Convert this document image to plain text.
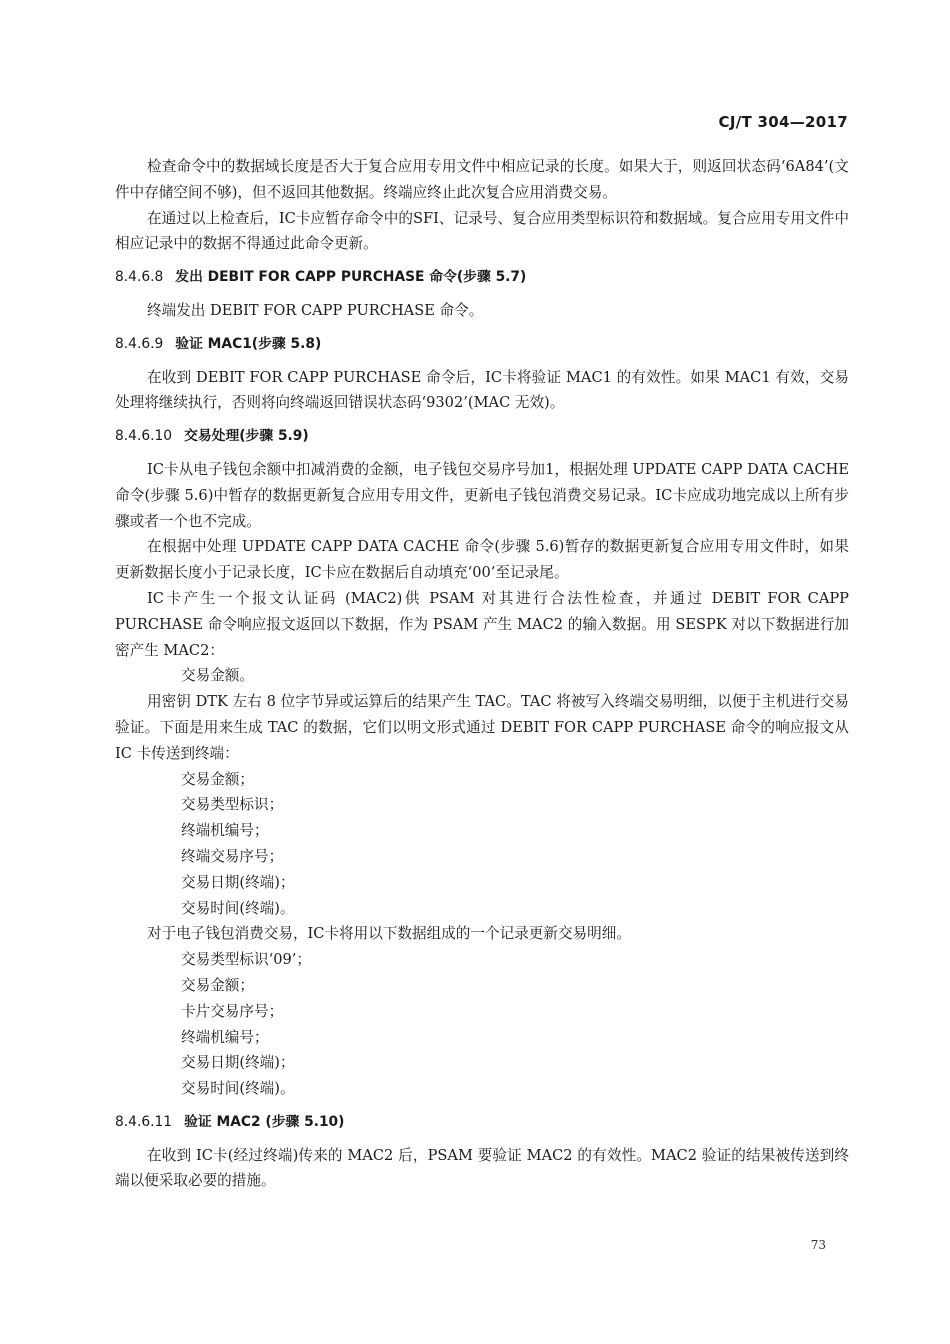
CJ/T 304—2017

检查命令中的数据域长度是否大于复合应用专用文件中相应记录的长度。如果大于，则返回状态码‘6A84’(文件中存储空间不够)，但不返回其他数据。终端应终止此次复合应用消费交易。

在通过以上检查后，IC卡应暂存命令中的SFI、记录号、复合应用类型标识符和数据域。复合应用专用文件中相应记录中的数据不得通过此命令更新。

8.4.6.8 发出 DEBIT FOR CAPP PURCHASE 命令(步骤 5.7)

终端发出 DEBIT FOR CAPP PURCHASE 命令。

8.4.6.9 验证 MAC1(步骤 5.8)

在收到 DEBIT FOR CAPP PURCHASE 命令后，IC卡将验证 MAC1 的有效性。如果 MAC1 有效，交易处理将继续执行，否则将向终端返回错误状态码‘9302’(MAC 无效)。

8.4.6.10 交易处理(步骤 5.9)

IC卡从电子钱包余额中扣减消费的金额，电子钱包交易序号加1，根据处理 UPDATE CAPP DATA CACHE 命令(步骤 5.6)中暂存的数据更新复合应用专用文件，更新电子钱包消费交易记录。IC卡应成功地完成以上所有步骤或者一个也不完成。

在根据中处理 UPDATE CAPP DATA CACHE 命令(步骤 5.6)暂存的数据更新复合应用专用文件时，如果更新数据长度小于记录长度，IC卡应在数据后自动填充‘00’至记录尾。

IC卡产生一个报文认证码 (MAC2)供 PSAM 对其进行合法性检查，并通过 DEBIT FOR CAPP PURCHASE 命令响应报文返回以下数据，作为 PSAM 产生 MAC2 的输入数据。用 SESPK 对以下数据进行加密产生 MAC2：

交易金额。

用密钥 DTK 左右 8 位字节异或运算后的结果产生 TAC。TAC 将被写入终端交易明细，以便于主机进行交易验证。下面是用来生成 TAC 的数据，它们以明文形式通过 DEBIT FOR CAPP PURCHASE 命令的响应报文从 IC 卡传送到终端：

交易金额；

交易类型标识；

终端机编号；

终端交易序号；

交易日期(终端)；

交易时间(终端)。

对于电子钱包消费交易，IC卡将用以下数据组成的一个记录更新交易明细。

交易类型标识‘09’；

交易金额；

卡片交易序号；

终端机编号；

交易日期(终端)；

交易时间(终端)。

8.4.6.11 验证 MAC2 (步骤 5.10)

在收到 IC卡(经过终端)传来的 MAC2 后，PSAM 要验证 MAC2 的有效性。MAC2 验证的结果被传送到终端以便采取必要的措施。

73
